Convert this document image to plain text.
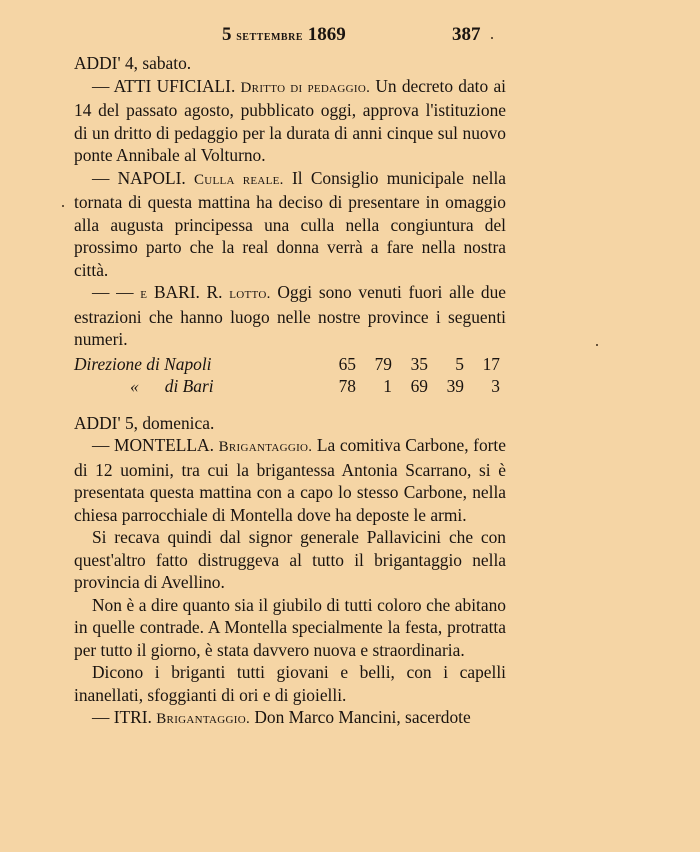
5 settembre 1869	387

ADDI' 4, sabato.

— ATTI UFICIALI. Dritto di pedaggio. Un decreto dato ai 14 del passato agosto, pubblicato oggi, approva l'istituzione di un dritto di pedaggio per la durata di anni cinque sul nuovo ponte Annibale al Volturno.

— NAPOLI. Culla reale. Il Consiglio municipale nella tornata di questa mattina ha deciso di presentare in omaggio alla augusta principessa una culla nella congiuntura del prossimo parto che la real donna verrà a fare nella nostra città.

— — e BARI. R. lotto. Oggi sono venuti fuori alle due estrazioni che hanno luogo nelle nostre province i seguenti numeri.

Direzione di Napoli	65	79	35	5	17
«      di Bari	78	1	69	39	3

ADDI' 5, domenica.

— MONTELLA. Brigantaggio. La comitiva Carbone, forte di 12 uomini, tra cui la brigantessa Antonia Scarrano, si è presentata questa mattina con a capo lo stesso Carbone, nella chiesa parrocchiale di Montella dove ha deposte le armi.

Si recava quindi dal signor generale Pallavicini che con quest'altro fatto distruggeva al tutto il brigantaggio nella provincia di Avellino.

Non è a dire quanto sia il giubilo di tutti coloro che abitano in quelle contrade. A Montella specialmente la festa, protratta per tutto il giorno, è stata davvero nuova e straordinaria.

Dicono i briganti tutti giovani e belli, con i capelli inanellati, sfoggianti di ori e di gioielli.

— ITRI. Brigantaggio. Don Marco Mancini, sacerdote
